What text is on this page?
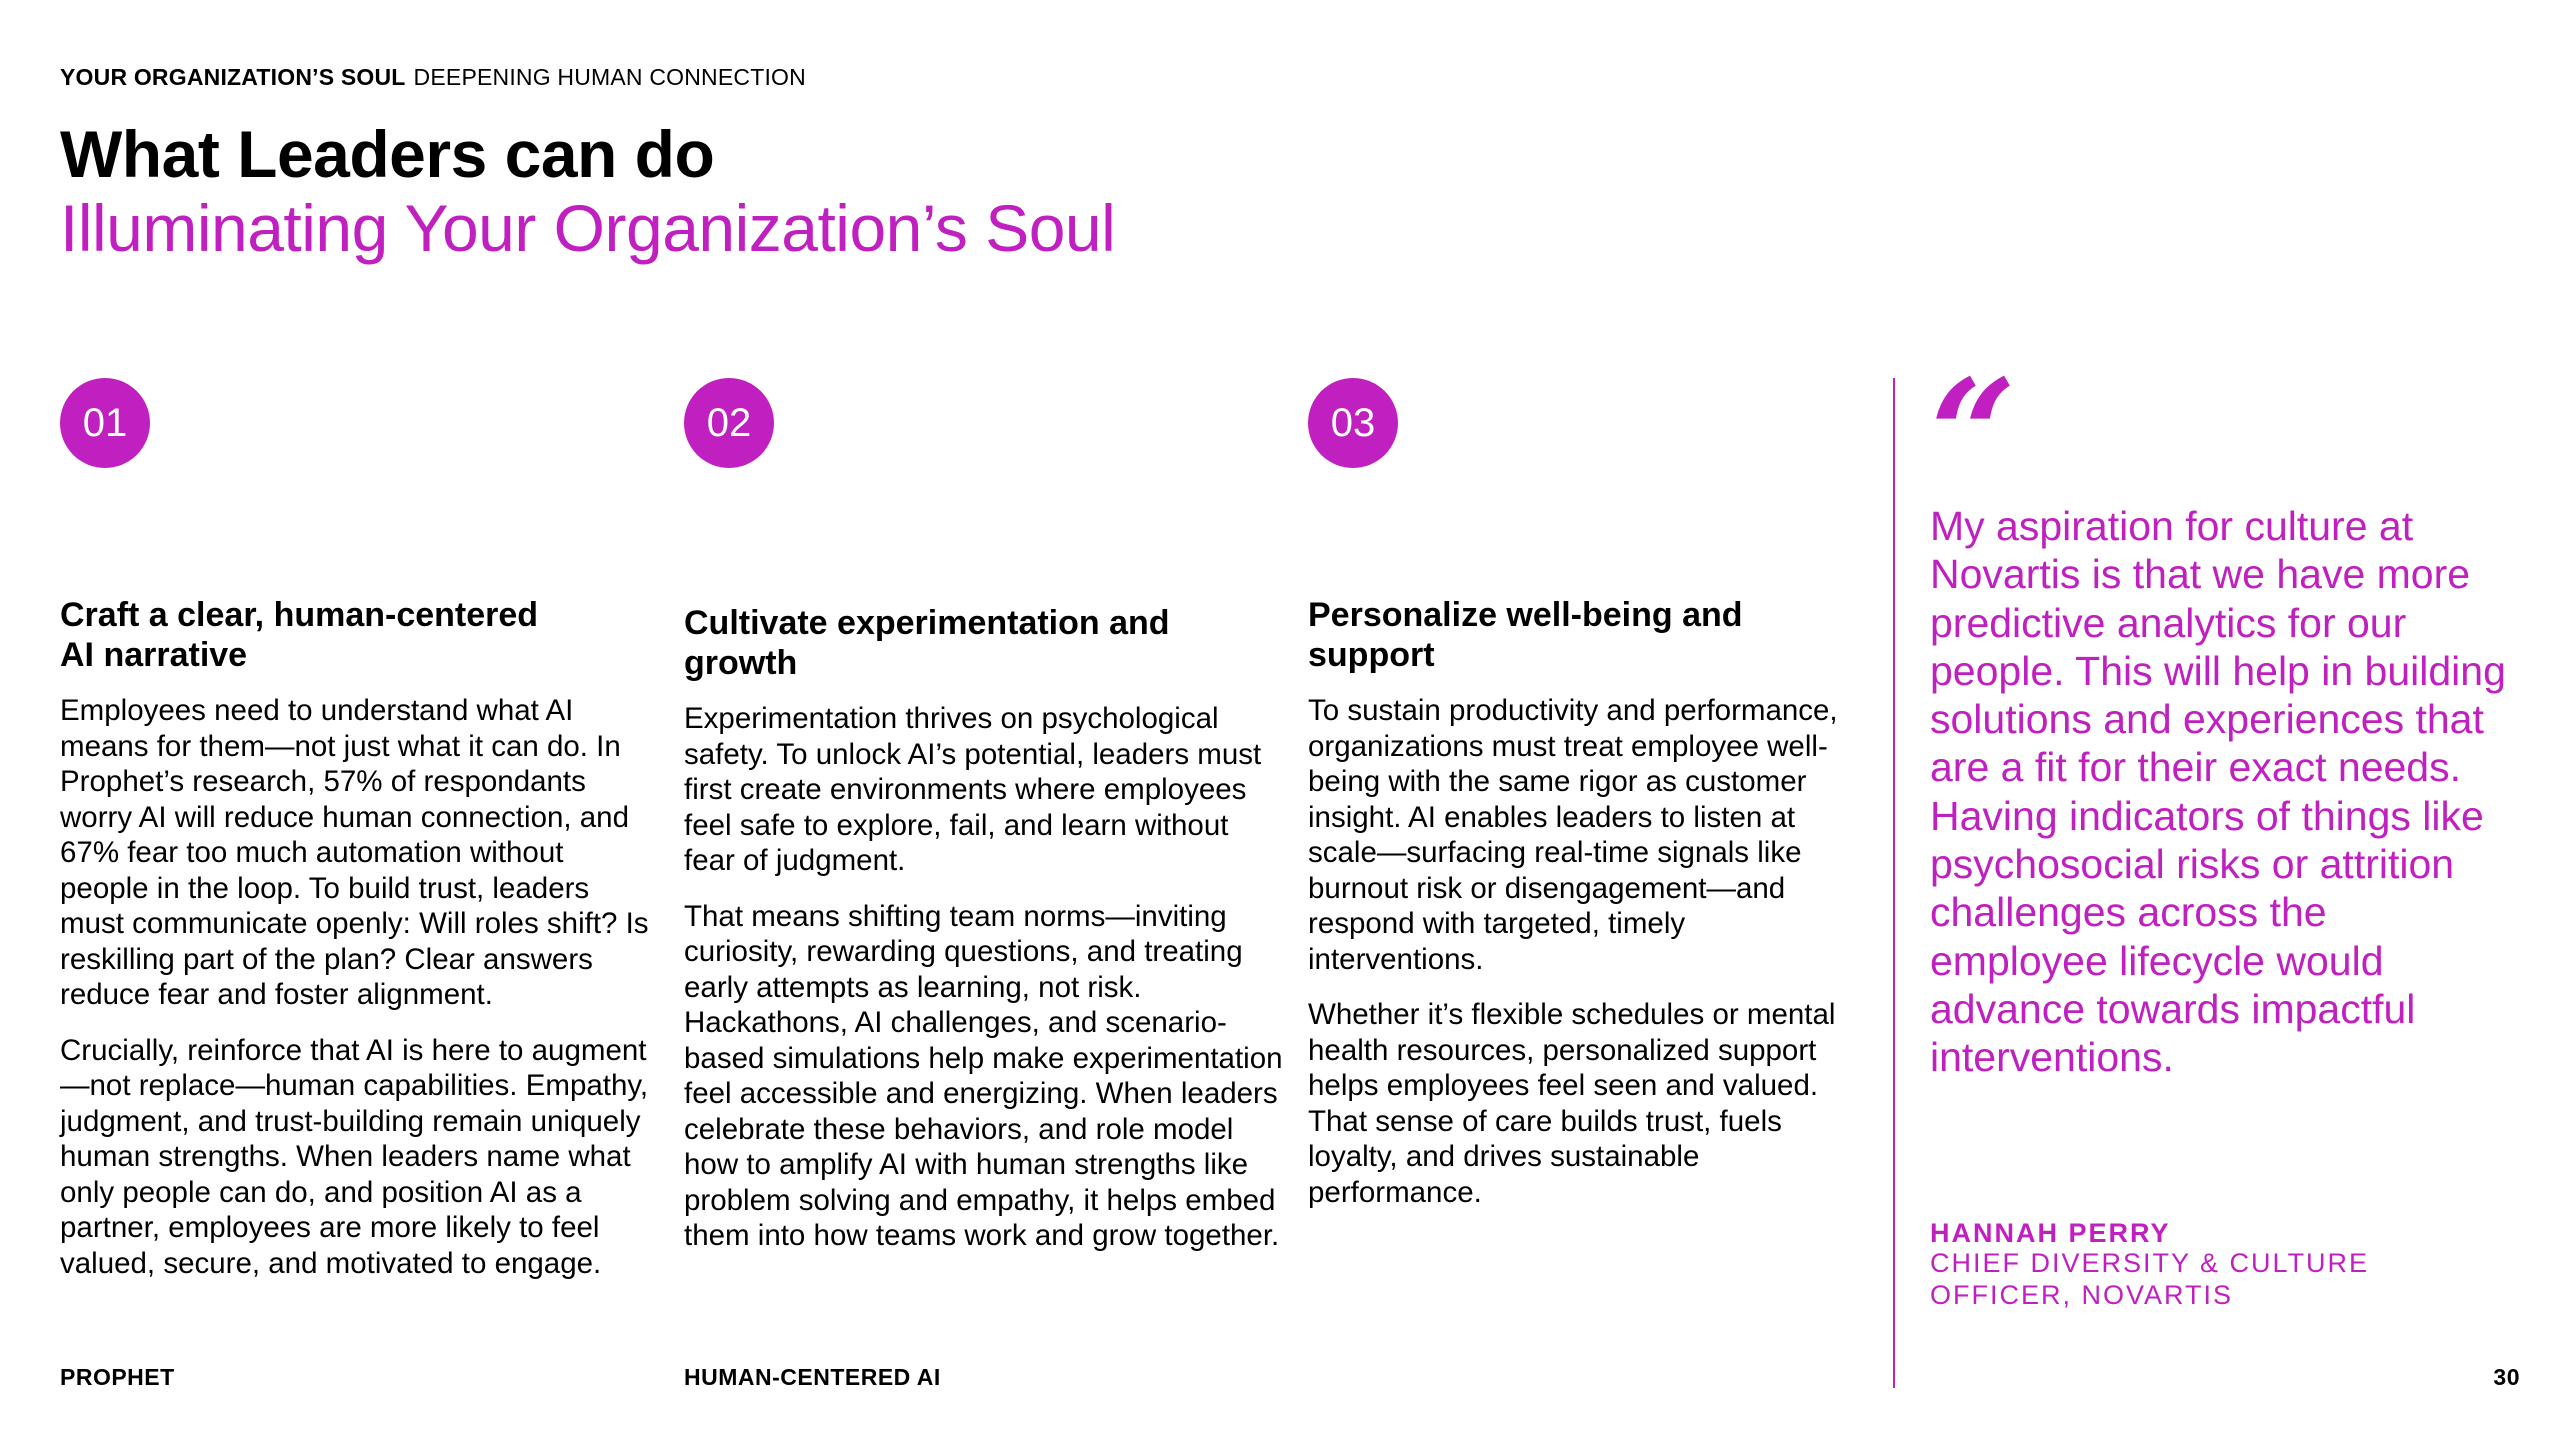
YOUR ORGANIZATION’S SOUL DEEPENING HUMAN CONNECTION
What Leaders can do
Illuminating Your Organization’s Soul
01
Craft a clear, human-centered AI narrative

Employees need to understand what AI means for them—not just what it can do. In Prophet’s research, 57% of respondants worry AI will reduce human connection, and 67% fear too much automation without people in the loop. To build trust, leaders must communicate openly: Will roles shift? Is reskilling part of the plan? Clear answers reduce fear and foster alignment.

Crucially, reinforce that AI is here to augment—not replace—human capabilities. Empathy, judgment, and trust-building remain uniquely human strengths. When leaders name what only people can do, and position AI as a partner, employees are more likely to feel valued, secure, and motivated to engage.

02
Cultivate experimentation and growth

Experimentation thrives on psychological safety. To unlock AI’s potential, leaders must first create environments where employees feel safe to explore, fail, and learn without fear of judgment.

That means shifting team norms—inviting curiosity, rewarding questions, and treating early attempts as learning, not risk. Hackathons, AI challenges, and scenario-based simulations help make experimentation feel accessible and energizing. When leaders celebrate these behaviors, and role model how to amplify AI with human strengths like problem solving and empathy, it helps embed them into how teams work and grow together.

03
Personalize well-being and support

To sustain productivity and performance, organizations must treat employee well-being with the same rigor as customer insight. AI enables leaders to listen at scale—surfacing real-time signals like burnout risk or disengagement—and respond with targeted, timely interventions.

Whether it’s flexible schedules or mental health resources, personalized support helps employees feel seen and valued. That sense of care builds trust, fuels loyalty, and drives sustainable performance.

“
My aspiration for culture at Novartis is that we have more predictive analytics for our people. This will help in building solutions and experiences that are a fit for their exact needs. Having indicators of things like psychosocial risks or attrition challenges across the employee lifecycle would advance towards impactful interventions.
HANNAH PERRY
CHIEF DIVERSITY & CULTURE OFFICER, NOVARTIS
PROPHET	HUMAN-CENTERED AI	30
